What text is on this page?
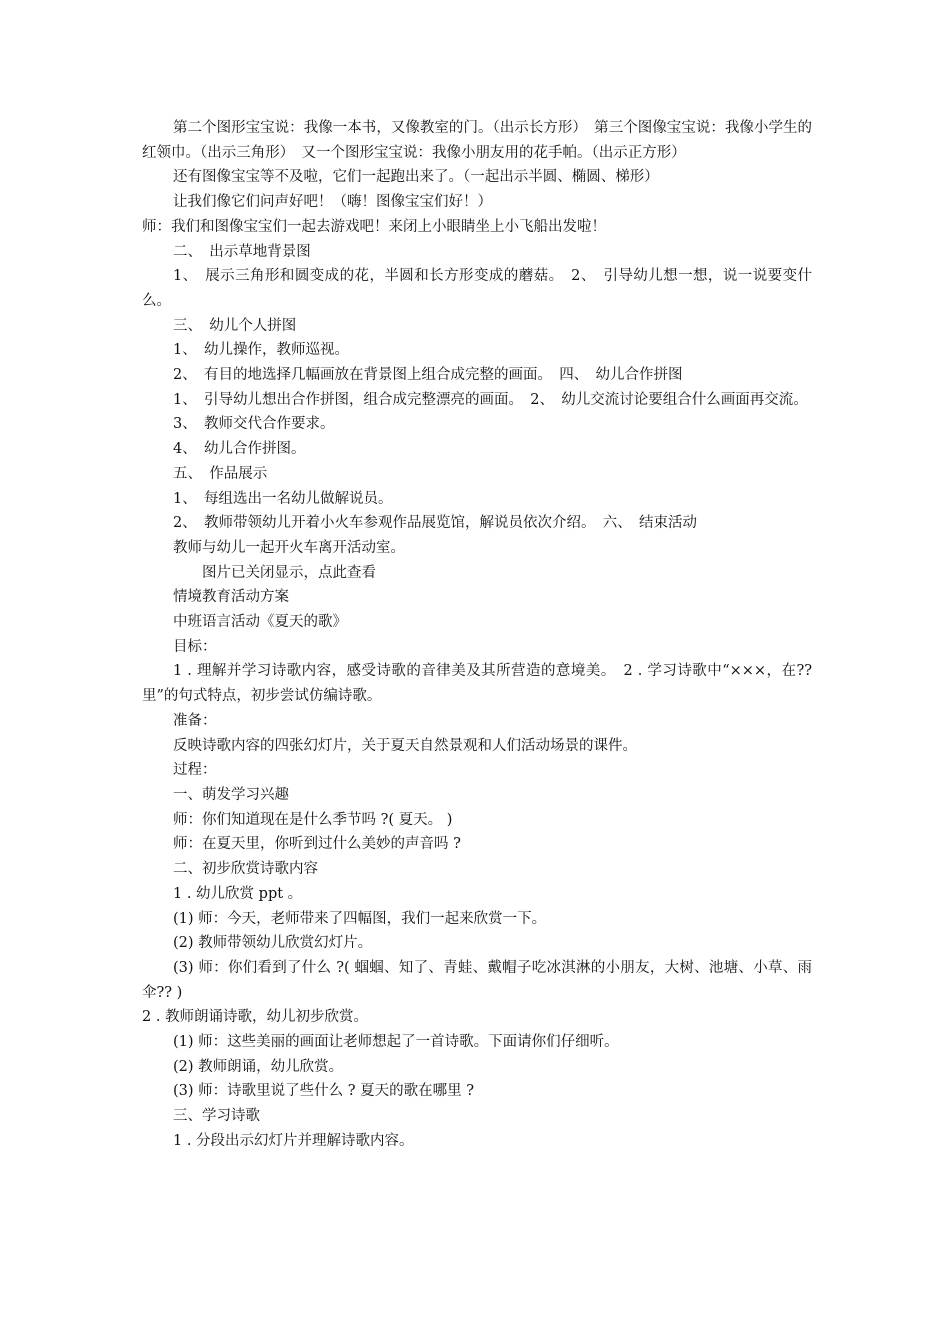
第二个图形宝宝说：我像一本书，又像教室的门。（出示长方形）　第三个图像宝宝说：我像小学生的红领巾。（出示三角形）　又一个图形宝宝说：我像小朋友用的花手帕。（出示正方形）

还有图像宝宝等不及啦，它们一起跑出来了。（一起出示半圆、椭圆、梯形）

让我们像它们问声好吧！（嗨！图像宝宝们好！）

师：我们和图像宝宝们一起去游戏吧！来闭上小眼睛坐上小飞船出发啦！

二、　出示草地背景图

1、　展示三角形和圆变成的花，半圆和长方形变成的蘑菇。　2、　引导幼儿想一想，说一说要变什么。

三、　幼儿个人拼图

1、　幼儿操作，教师巡视。

2、　有目的地选择几幅画放在背景图上组合成完整的画面。　四、　幼儿合作拼图

1、　引导幼儿想出合作拼图，组合成完整漂亮的画面。　2、　幼儿交流讨论要组合什么画面再交流。

3、　教师交代合作要求。

4、　幼儿合作拼图。

五、　作品展示

1、　每组选出一名幼儿做解说员。

2、　教师带领幼儿开着小火车参观作品展览馆，解说员依次介绍。　六、　结束活动

教师与幼儿一起开火车离开活动室。

图片已关闭显示，点此查看

情境教育活动方案

中班语言活动《夏天的歌》

目标：

1 . 理解并学习诗歌内容，感受诗歌的音律美及其所营造的意境美。　2 . 学习诗歌中“×××，在??里”的句式特点，初步尝试仿编诗歌。

准备：

反映诗歌内容的四张幻灯片，关于夏天自然景观和人们活动场景的课件。

过程：

一、萌发学习兴趣

师：你们知道现在是什么季节吗 ?( 夏天。 )

师：在夏天里，你听到过什么美妙的声音吗 ?

二、初步欣赏诗歌内容

1 . 幼儿欣赏 ppt 。

(1) 师：今天，老师带来了四幅图，我们一起来欣赏一下。

(2) 教师带领幼儿欣赏幻灯片。

(3) 师：你们看到了什么 ?( 蝈蝈、知了、青蛙、戴帽子吃冰淇淋的小朋友，大树、池塘、小草、雨伞?? )

2 . 教师朗诵诗歌，幼儿初步欣赏。

(1) 师：这些美丽的画面让老师想起了一首诗歌。下面请你们仔细听。

(2) 教师朗诵，幼儿欣赏。

(3) 师：诗歌里说了些什么 ? 夏天的歌在哪里 ?

三、学习诗歌

1 . 分段出示幻灯片并理解诗歌内容。
